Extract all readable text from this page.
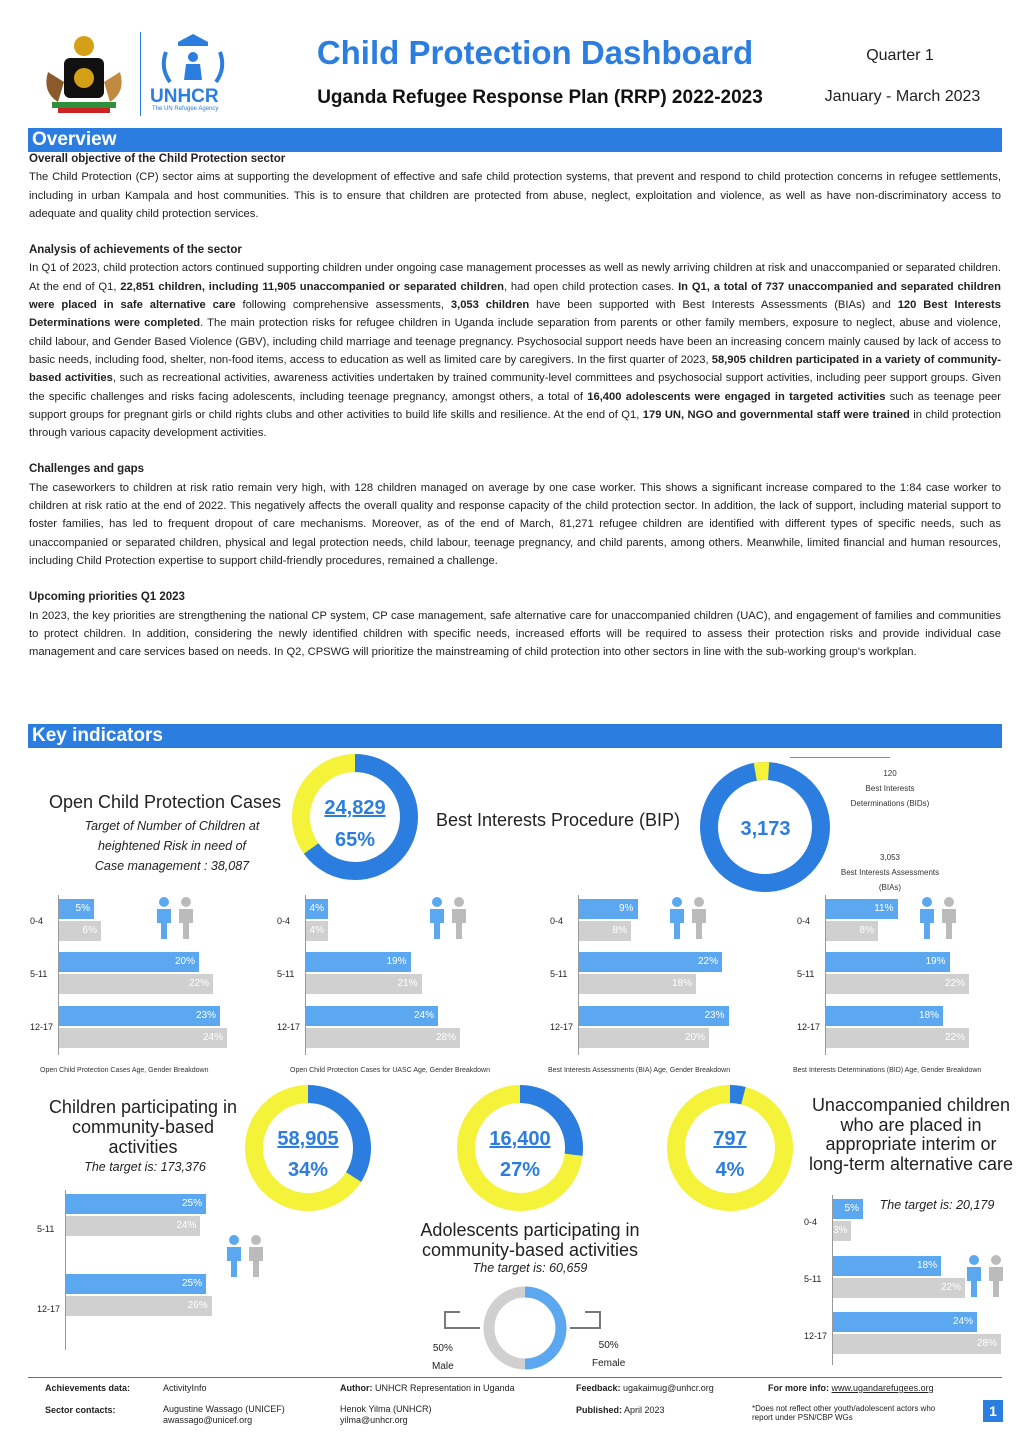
UNHCR
The UN Refugee Agency
Child Protection Dashboard
Uganda Refugee Response Plan (RRP) 2022-2023
Quarter 1
January - March 2023
Overview
Overall objective of the Child Protection sector

The Child Protection (CP) sector aims at supporting the development of effective and safe child protection systems, that prevent and respond to child protection concerns in refugee settlements, including in urban Kampala and host communities. This is to ensure that children are protected from abuse, neglect, exploitation and violence, as well as have non-discriminatory access to adequate and quality child protection services.

Analysis of achievements of the sector

In Q1 of 2023, child protection actors continued supporting children under ongoing case management processes as well as newly arriving children at risk and unaccompanied or separated children. At the end of Q1, 22,851 children, including 11,905 unaccompanied or separated children, had open child protection cases. In Q1, a total of 737 unaccompanied and separated children were placed in safe alternative care following comprehensive assessments, 3,053 children have been supported with Best Interests Assessments (BIAs) and 120 Best Interests Determinations were completed. The main protection risks for refugee children in Uganda include separation from parents or other family members, exposure to neglect, abuse and violence, child labour, and Gender Based Violence (GBV), including child marriage and teenage pregnancy. Psychosocial support needs have been an increasing concern mainly caused by lack of access to basic needs, including food, shelter, non-food items, access to education as well as limited care by caregivers. In the first quarter of 2023, 58,905 children participated in a variety of community-based activities, such as recreational activities, awareness activities undertaken by trained community-level committees and psychosocial support activities, including peer support groups. Given the specific challenges and risks facing adolescents, including teenage pregnancy, amongst others, a total of 16,400 adolescents were engaged in targeted activities such as teenage peer support groups for pregnant girls or child rights clubs and other activities to build life skills and resilience. At the end of Q1, 179 UN, NGO and governmental staff were trained in child protection through various capacity development activities.

Challenges and gaps

The caseworkers to children at risk ratio remain very high, with 128 children managed on average by one case worker. This shows a significant increase compared to the 1:84 case worker to children at risk ratio at the end of 2022. This negatively affects the overall quality and response capacity of the child protection sector. In addition, the lack of support, including material support to foster families, has led to frequent dropout of care mechanisms. Moreover, as of the end of March, 81,271 refugee children are identified with different types of specific needs, such as unaccompanied or separated children, physical and legal protection needs, child labour, teenage pregnancy, and child parents, among others. Meanwhile, limited financial and human resources, including Child Protection expertise to support child-friendly procedures, remained a challenge.

Upcoming priorities Q1 2023

In 2023, the key priorities are strengthening the national CP system, CP case management, safe alternative care for unaccompanied children (UAC), and engagement of families and communities to protect children. In addition, considering the newly identified children with specific needs, increased efforts will be required to assess their protection risks and provide individual case management and care services based on needs. In Q2, CPSWG will prioritize the mainstreaming of child protection into other sectors in line with the sub-working group's workplan.

Key indicators
Open Child Protection Cases
Target of Number of Children at heightened Risk in need of Case management : 38,087
24,829
65%
Best Interests Procedure (BIP)	3,173
120
Best Interests Determinations (BIDs)
3,053
Best Interests Assessments (BIAs)
0-4
5%
6%
5-11
20%
22%
12-17
23%
24%
Open Child Protection Cases Age, Gender Breakdown
0-4
4%
4%
5-11
19%
21%
12-17
24%
28%
Open Child Protection Cases for UASC Age, Gender Breakdown
0-4
9%
8%
5-11
22%
18%
12-17
23%
20%
Best Interests Assessments (BIA) Age, Gender Breakdown
0-4
11%
8%
5-11
19%
22%
12-17
18%
22%
Best Interests Determinations (BID) Age, Gender Breakdown
5-11
25%
24%
12-17
25%
26%
0-4
5%
3%
5-11
18%
22%
12-17
24%
28%
Children participating in community-based activities
The target is: 173,376
58,905
34%
16,400
27%
Adolescents participating in community-based activities
The target is: 60,659
50%
Male
50%
Female
797
4%
Unaccompanied children who are placed in appropriate interim or long-term alternative care
The target is: 20,179
Achievements data:	ActivityInfo	Author: UNHCR Representation in Uganda	Feedback: ugakaimug@unhcr.org	For more info: www.ugandarefugees.org
Sector contacts:	Augustine Wassago (UNICEF)
awassago@unicef.org
Henok Yilma (UNHCR)
yilma@unhcr.org
Published: April 2023	*Does not reflect other youth/adolescent actors who report under PSN/CBP WGs	1
